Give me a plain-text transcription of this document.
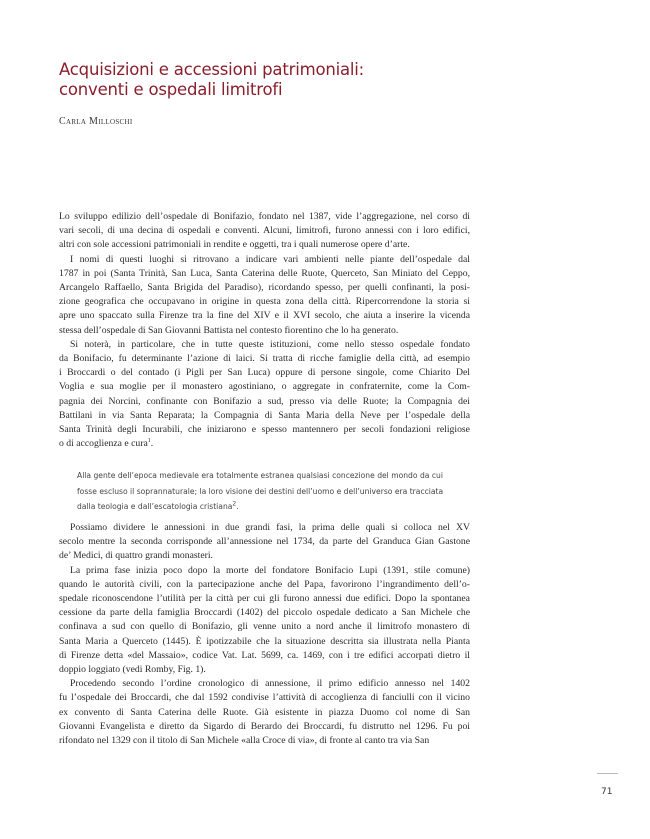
Acquisizioni e accessioni patrimoniali:
conventi e ospedali limitrofi
Carla Milloschi
Lo sviluppo edilizio dell’ospedale di Bonifazio, fondato nel 1387, vide l’aggregazione, nel corso di
vari secoli, di una decina di ospedali e conventi. Alcuni, limitrofi, furono annessi con i loro edifici,
altri con sole accessioni patrimoniali in rendite e oggetti, tra i quali numerose opere d’arte.
I nomi di questi luoghi si ritrovano a indicare vari ambienti nelle piante dell’ospedale dal
1787 in poi (Santa Trinità, San Luca, Santa Caterina delle Ruote, Querceto, San Miniato del Ceppo,
Arcangelo Raffaello, Santa Brigida del Paradiso), ricordando spesso, per quelli confinanti, la posi-
zione geografica che occupavano in origine in questa zona della città. Ripercorrendone la storia si
apre uno spaccato sulla Firenze tra la fine del XIV e il XVI secolo, che aiuta a inserire la vicenda
stessa dell’ospedale di San Giovanni Battista nel contesto fiorentino che lo ha generato.
Si noterà, in particolare, che in tutte queste istituzioni, come nello stesso ospedale fondato
da Bonifacio, fu determinante l’azione di laici. Si tratta di ricche famiglie della città, ad esempio
i Broccardi o del contado (i Pigli per San Luca) oppure di persone singole, come Chiarito Del
Voglia e sua moglie per il monastero agostiniano, o aggregate in confraternite, come la Com-
pagnia dei Norcini, confinante con Bonifazio a sud, presso via delle Ruote; la Compagnia dei
Battilani in via Santa Reparata; la Compagnia di Santa Maria della Neve per l’ospedale della
Santa Trinità degli Incurabili, che iniziarono e spesso mantennero per secoli fondazioni religiose
o di accoglienza e cura$^1$.
Alla gente dell’epoca medievale era totalmente estranea qualsiasi concezione del mondo da cui
fosse escluso il soprannaturale; la loro visione dei destini dell’uomo e dell’universo era tracciata
dalla teologia e dall’escatologia cristiana$^2$.
Possiamo dividere le annessioni in due grandi fasi, la prima delle quali si colloca nel XV
secolo mentre la seconda corrisponde all’annessione nel 1734, da parte del Granduca Gian Gastone
de’ Medici, di quattro grandi monasteri.
La prima fase inizia poco dopo la morte del fondatore Bonifacio Lupi (1391, stile comune)
quando le autorità civili, con la partecipazione anche del Papa, favorirono l’ingrandimento dell’o-
spedale riconoscendone l’utilità per la città per cui gli furono annessi due edifici. Dopo la spontanea
cessione da parte della famiglia Broccardi (1402) del piccolo ospedale dedicato a San Michele che
confinava a sud con quello di Bonifazio, gli venne unito a nord anche il limitrofo monastero di
Santa Maria a Querceto (1445). È ipotizzabile che la situazione descritta sia illustrata nella Pianta
di Firenze detta «del Massaio», codice Vat. Lat. 5699, ca. 1469, con i tre edifici accorpati dietro il
doppio loggiato (vedi Romby, Fig. 1).
Procedendo secondo l’ordine cronologico di annessione, il primo edificio annesso nel 1402
fu l’ospedale dei Broccardi, che dal 1592 condivise l’attività di accoglienza di fanciulli con il vicino
ex convento di Santa Caterina delle Ruote. Già esistente in piazza Duomo col nome di San
Giovanni Evangelista e diretto da Sigardo di Berardo dei Broccardi, fu distrutto nel 1296. Fu poi
rifondato nel 1329 con il titolo di San Michele «alla Croce di via», di fronte al canto tra via San
71
